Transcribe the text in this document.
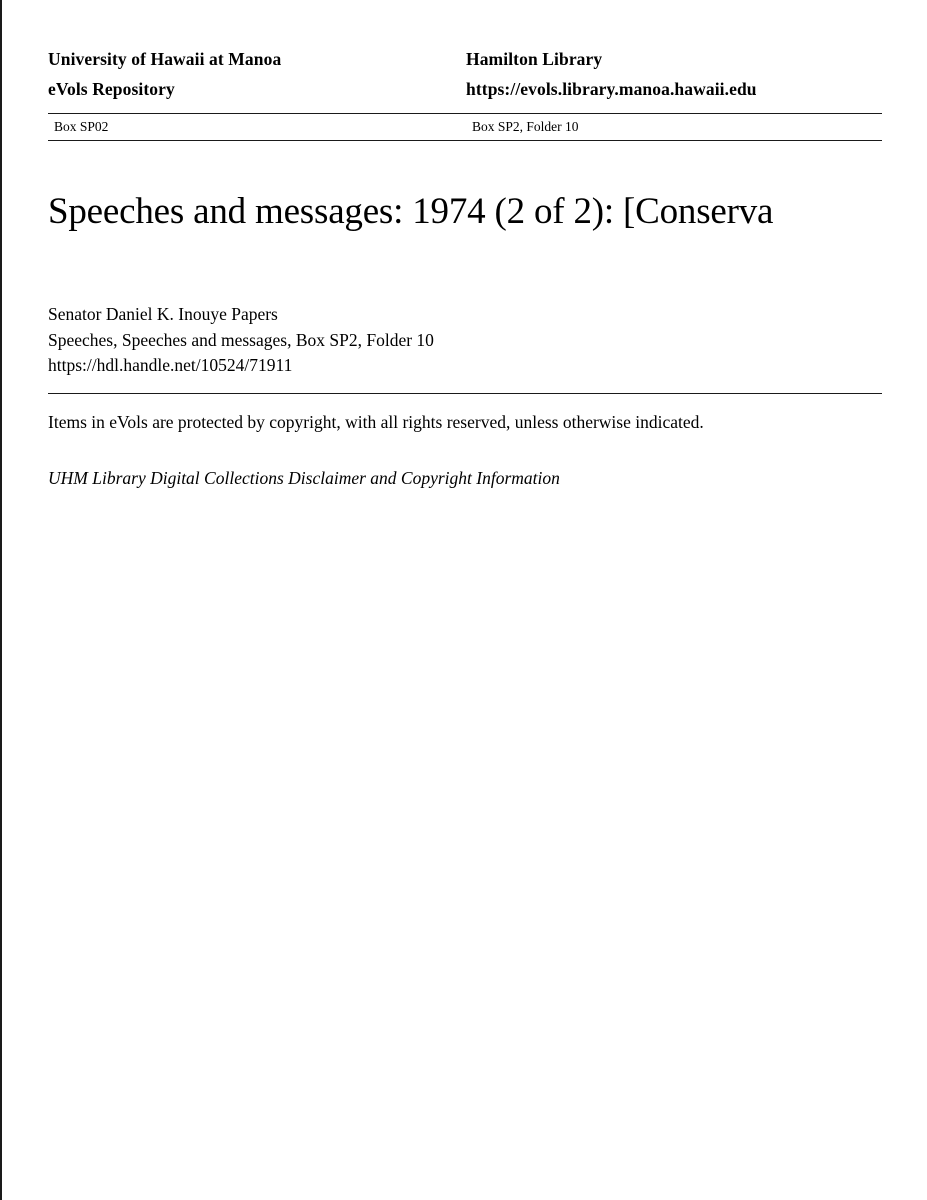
University of Hawaii at Manoa	Hamilton Library
eVols Repository	https://evols.library.manoa.hawaii.edu
Box SP02	Box SP2, Folder 10
Speeches and messages: 1974 (2 of 2): [Conserva
Senator Daniel K. Inouye Papers
Speeches, Speeches and messages, Box SP2, Folder 10
https://hdl.handle.net/10524/71911
Items in eVols are protected by copyright, with all rights reserved, unless otherwise indicated.
UHM Library Digital Collections Disclaimer and Copyright Information
